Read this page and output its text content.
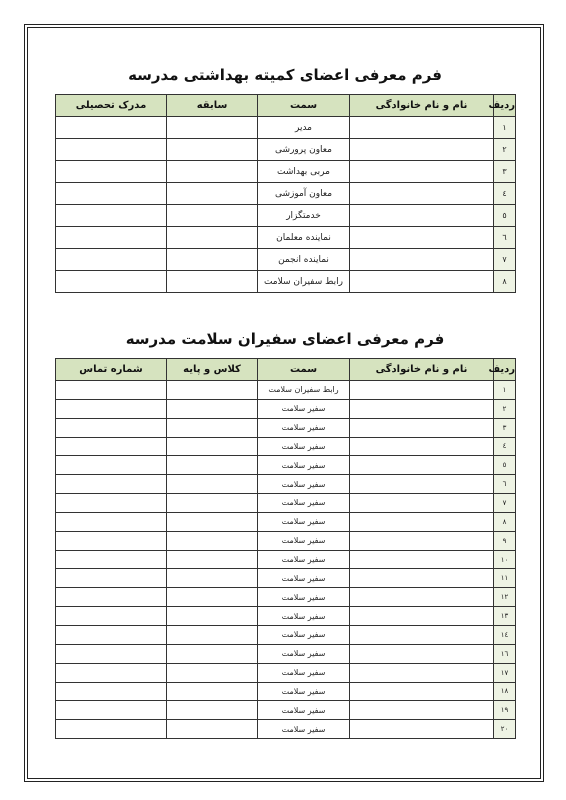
فرم معرفی اعضای کمیته بهداشتی مدرسه
ردیف	نام و نام خانوادگی	سمت	سابقه	مدرک تحصیلی
۱		مدیر		
۲		معاون پرورشی		
۳		مربی بهداشت		
٤		معاون آموزشی		
٥		خدمتگزار		
٦		نماینده معلمان		
۷		نماینده انجمن		
۸		رابط سفیران سلامت		
فرم معرفی اعضای سفیران سلامت مدرسه
ردیف	نام و نام خانوادگی	سمت	کلاس و پایه	شماره تماس
۱		رابط سفیران سلامت		
۲		سفیر سلامت		
۳		سفیر سلامت		
٤		سفیر سلامت		
٥		سفیر سلامت		
٦		سفیر سلامت		
۷		سفیر سلامت		
۸		سفیر سلامت		
۹		سفیر سلامت		
۱۰		سفیر سلامت		
۱۱		سفیر سلامت		
۱۲		سفیر سلامت		
۱۳		سفیر سلامت		
۱٤		سفیر سلامت		
۱٦		سفیر سلامت		
۱۷		سفیر سلامت		
۱۸		سفیر سلامت		
۱۹		سفیر سلامت		
۲۰		سفیر سلامت		
